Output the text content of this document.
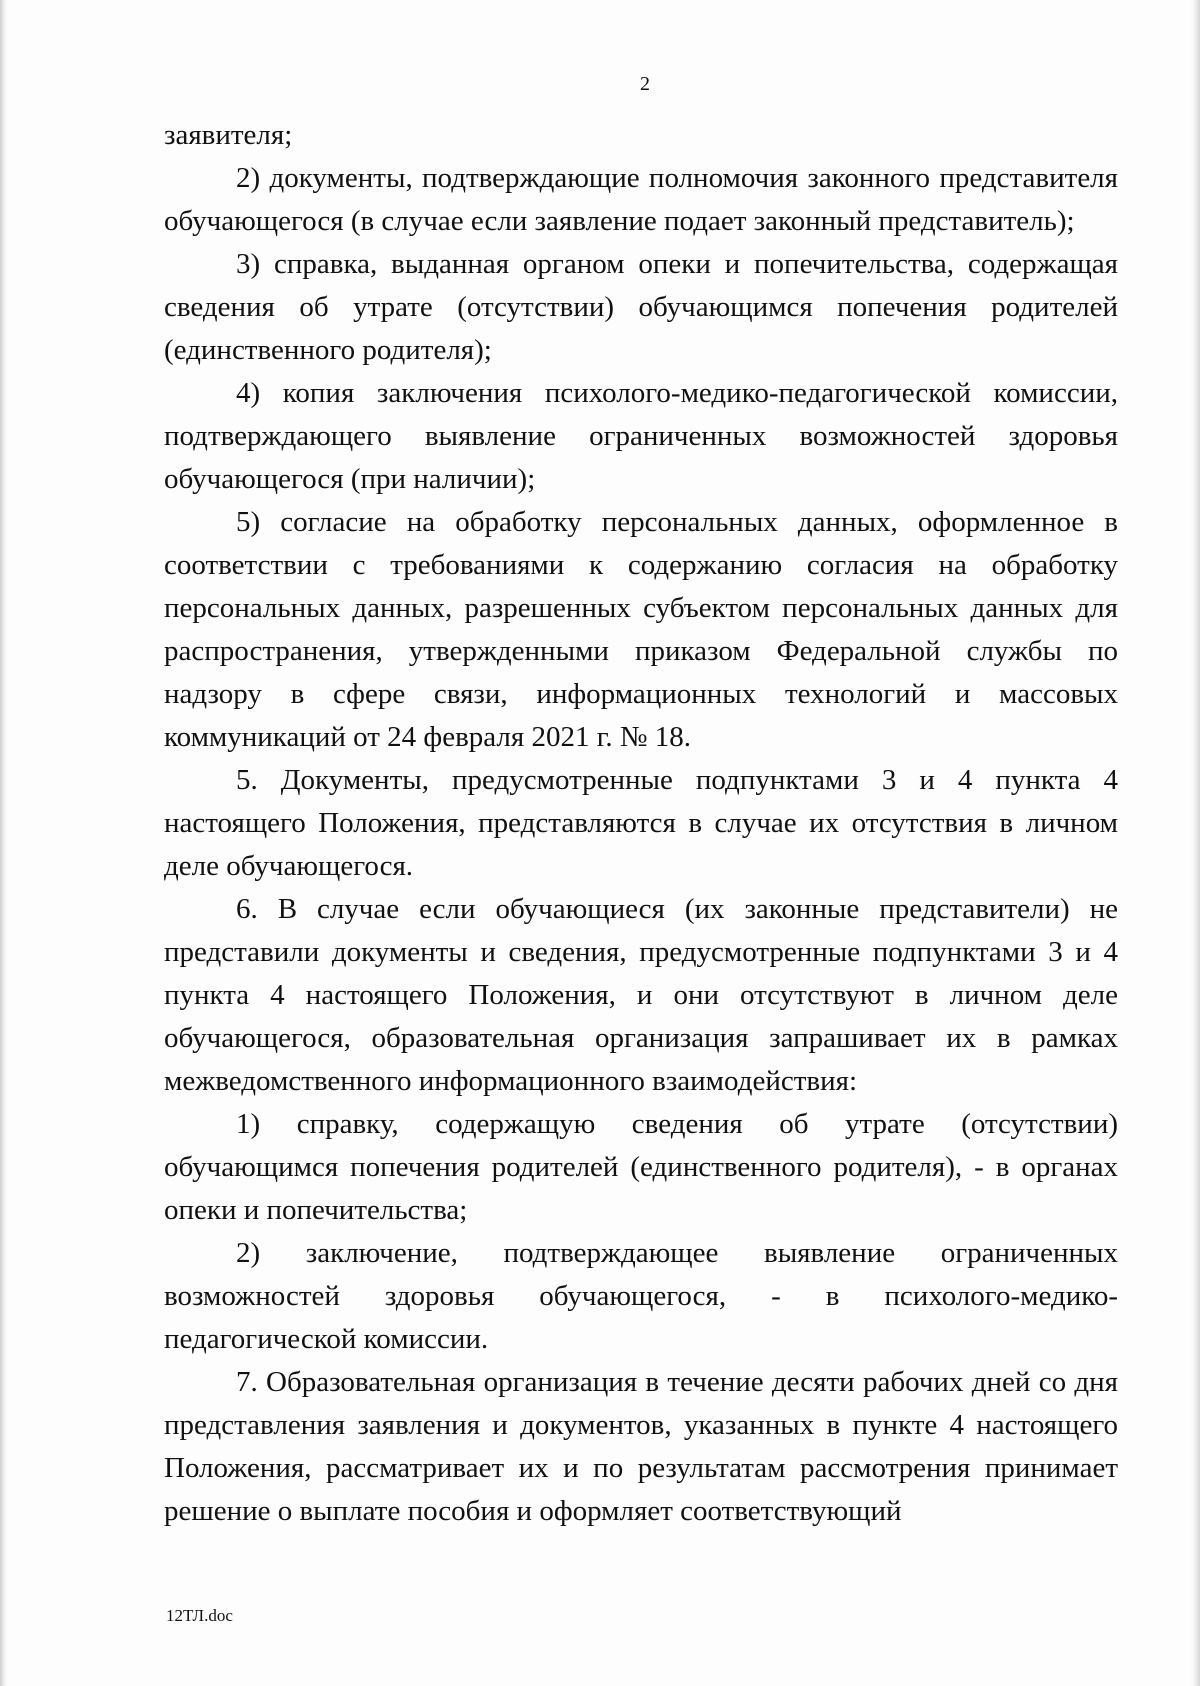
2

заявителя;

2) документы, подтверждающие полномочия законного представителя обучающегося (в случае если заявление подает законный представитель);

3) справка, выданная органом опеки и попечительства, содержащая сведения об утрате (отсутствии) обучающимся попечения родителей (единственного родителя);

4) копия заключения психолого-медико-педагогической комиссии, подтверждающего выявление ограниченных возможностей здоровья обучающегося (при наличии);

5) согласие на обработку персональных данных, оформленное в соответствии с требованиями к содержанию согласия на обработку персональных данных, разрешенных субъектом персональных данных для распространения, утвержденными приказом Федеральной службы по надзору в сфере связи, информационных технологий и массовых коммуникаций от 24 февраля 2021 г. № 18.

5. Документы, предусмотренные подпунктами 3 и 4 пункта 4 настоящего Положения, представляются в случае их отсутствия в личном деле обучающегося.

6. В случае если обучающиеся (их законные представители) не представили документы и сведения, предусмотренные подпунктами 3 и 4 пункта 4 настоящего Положения, и они отсутствуют в личном деле обучающегося, образовательная организация запрашивает их в рамках межведомственного информационного взаимодействия:

1) справку, содержащую сведения об утрате (отсутствии) обучающимся попечения родителей (единственного родителя), - в органах опеки и попечительства;

2) заключение, подтверждающее выявление ограниченных возможностей здоровья обучающегося, - в психолого-медико-педагогической комиссии.

7. Образовательная организация в течение десяти рабочих дней со дня представления заявления и документов, указанных в пункте 4 настоящего Положения, рассматривает их и по результатам рассмотрения принимает решение о выплате пособия и оформляет соответствующий

12ТЛ.doc
